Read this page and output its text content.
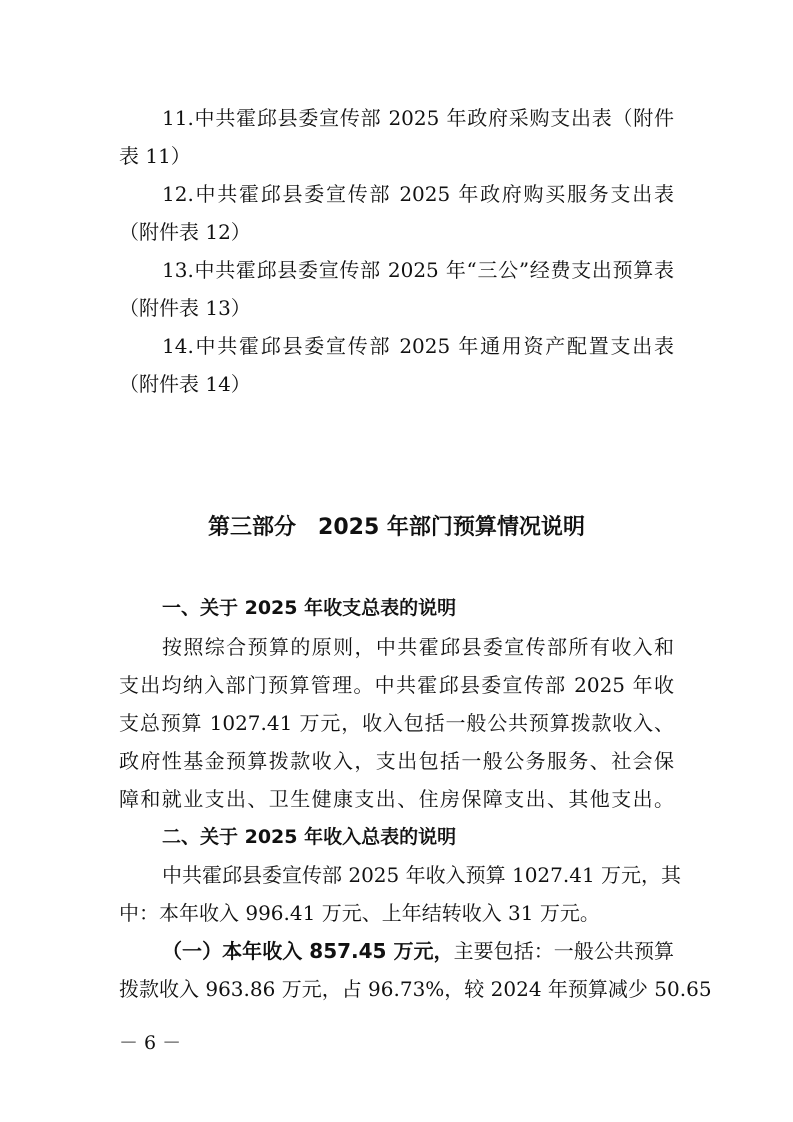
11.中共霍邱县委宣传部 2025 年政府采购支出表（附件
表 11）
12.中共霍邱县委宣传部 2025 年政府购买服务支出表
（附件表 12）
13.中共霍邱县委宣传部 2025 年“三公”经费支出预算表
（附件表 13）
14.中共霍邱县委宣传部 2025 年通用资产配置支出表
（附件表 14）
第三部分　2025 年部门预算情况说明
一、关于 2025 年收支总表的说明
按照综合预算的原则，中共霍邱县委宣传部所有收入和
支出均纳入部门预算管理。中共霍邱县委宣传部 2025 年收
支总预算 1027.41 万元，收入包括一般公共预算拨款收入、
政府性基金预算拨款收入，支出包括一般公务服务、社会保
障和就业支出、卫生健康支出、住房保障支出、其他支出。
二、关于 2025 年收入总表的说明
中共霍邱县委宣传部 2025 年收入预算 1027.41 万元，其
中：本年收入 996.41 万元、上年结转收入 31 万元。
（一）本年收入 857.45 万元，主要包括：一般公共预算
拨款收入 963.86 万元，占 96.73%，较 2024 年预算减少 50.65
－ 6 －
